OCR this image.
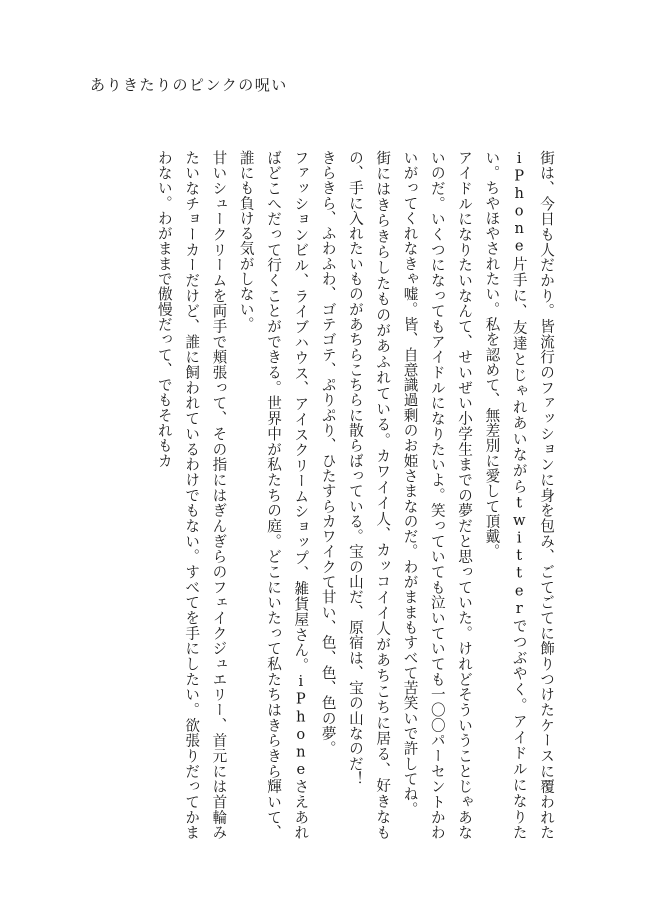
ありきたりのピンクの呪い

街は、今日も人だかり。皆流行のファッションに身を包み、ごてごてに飾りつけたケースに覆われたiPhone片手に、友達とじゃれあいながらtwitterでつぶやく。アイドルになりたい。ちやほやされたい。私を認めて、無差別に愛して頂戴。

アイドルになりたいなんて、せいぜい小学生までの夢だと思っていた。けれどそういうことじゃあないのだ。いくつになってもアイドルになりたいよ。笑っていても泣いていても一〇〇パーセントかわいがってくれなきゃ嘘。皆、自意識過剰のお姫さまなのだ。わがままもすべて苦笑いで許してね。

街にはきらきらしたものがあふれている。カワイイ人、カッコイイ人があちこちに居る、好きなもの、手に入れたいものがあちらこちらに散らばっている。宝の山だ、原宿は、宝の山なのだ！

きらきら、ふわふわ、ゴテゴテ、ぷりぷり、ひたすらカワイクて甘い、色、色、色の夢。

ファッションビル、ライブハウス、アイスクリームショップ、雑貨屋さん。iPhoneさえあればどこへだって行くことができる。世界中が私たちの庭。どこにいたって私たちはきらきら輝いて、誰にも負ける気がしない。

甘いシュークリームを両手で頬張って、その指にはぎんぎらのフェイクジュエリー、首元には首輪みたいなチョーカーだけど、誰に飼われているわけでもない。すべてを手にしたい。欲張りだってかまわない。わがままで傲慢だって、でもそれもカ
